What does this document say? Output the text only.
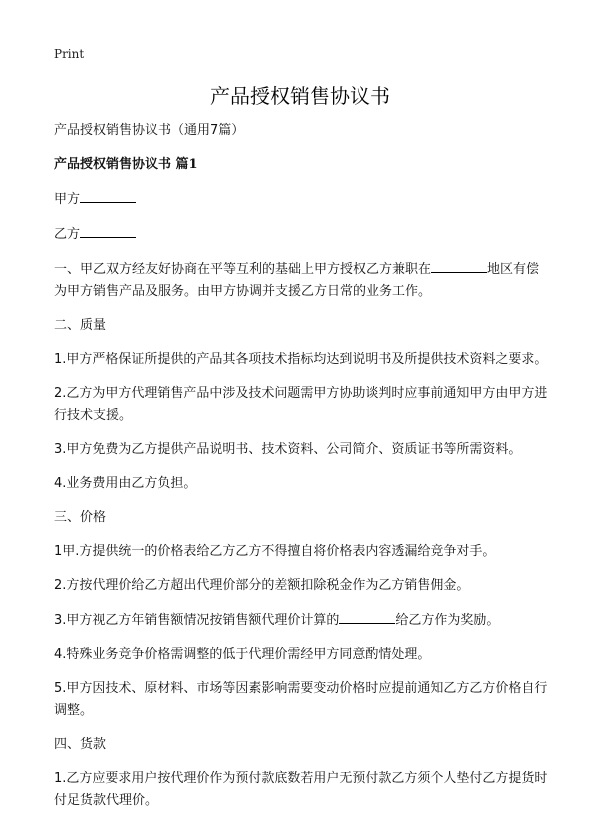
Print
产品授权销售协议书

产品授权销售协议书（通用7篇）

产品授权销售协议书 篇1

甲方

乙方

一、甲乙双方经友好协商在平等互利的基础上甲方授权乙方兼职在	地区有偿为甲方销售产品及服务。由甲方协调并支援乙方日常的业务工作。

二、质量

1.甲方严格保证所提供的产品其各项技术指标均达到说明书及所提供技术资料之要求。

2.乙方为甲方代理销售产品中涉及技术问题需甲方协助谈判时应事前通知甲方由甲方进行技术支援。

3.甲方免费为乙方提供产品说明书、技术资料、公司简介、资质证书等所需资料。

4.业务费用由乙方负担。

三、价格

1甲.方提供统一的价格表给乙方乙方不得擅自将价格表内容透漏给竞争对手。

2.方按代理价给乙方超出代理价部分的差额扣除税金作为乙方销售佣金。

3.甲方视乙方年销售额情况按销售额代理价计算的	给乙方作为奖励。

4.特殊业务竞争价格需调整的低于代理价需经甲方同意酌情处理。

5.甲方因技术、原材料、市场等因素影响需要变动价格时应提前通知乙方乙方价格自行调整。

四、货款

1.乙方应要求用户按代理价作为预付款底数若用户无预付款乙方须个人垫付乙方提货时付足货款代理价。
